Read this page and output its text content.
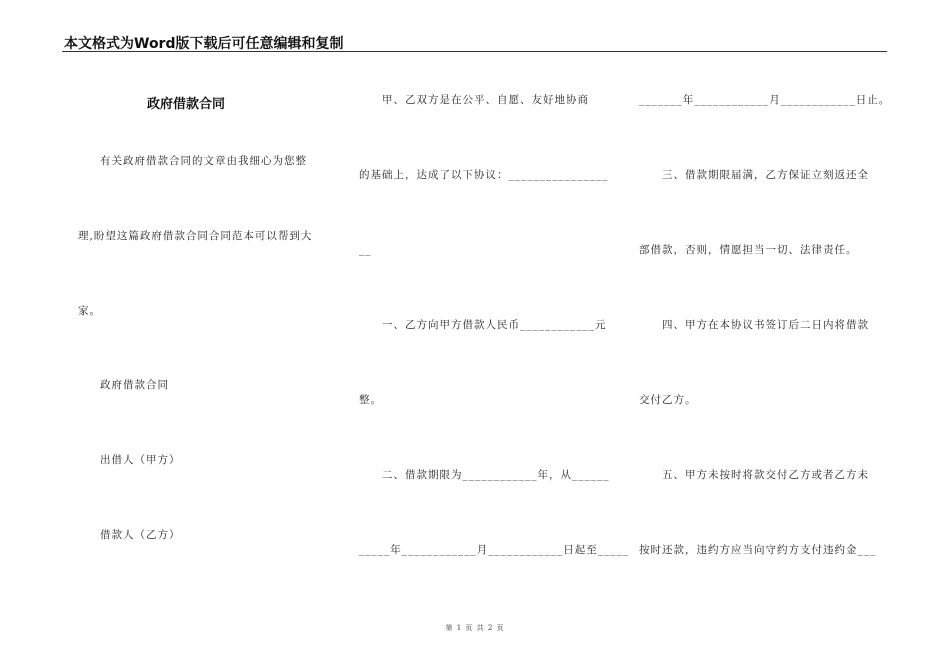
本文格式为Word版下载后可任意编辑和复制
政府借款合同
有关政府借款合同的文章由我细心为您整
理,盼望这篇政府借款合同合同范本可以帮到大
家。
政府借款合同
出借人（甲方）
借款人（乙方）
甲、乙双方是在公平、自愿、友好地协商
的基础上，达成了以下协议：________________
__
一、乙方向甲方借款人民币____________元
整。
二、借款期限为____________年，从______
_____年____________月____________日起至_____
_______年____________月____________日止。
三、借款期限届满，乙方保证立刻返还全
部借款，否则，情愿担当一切、法律责任。
四、甲方在本协议书签订后二日内将借款
交付乙方。
五、甲方未按时将款交付乙方或者乙方未
按时还款，违约方应当向守约方支付违约金___
第 1 页 共 2 页
